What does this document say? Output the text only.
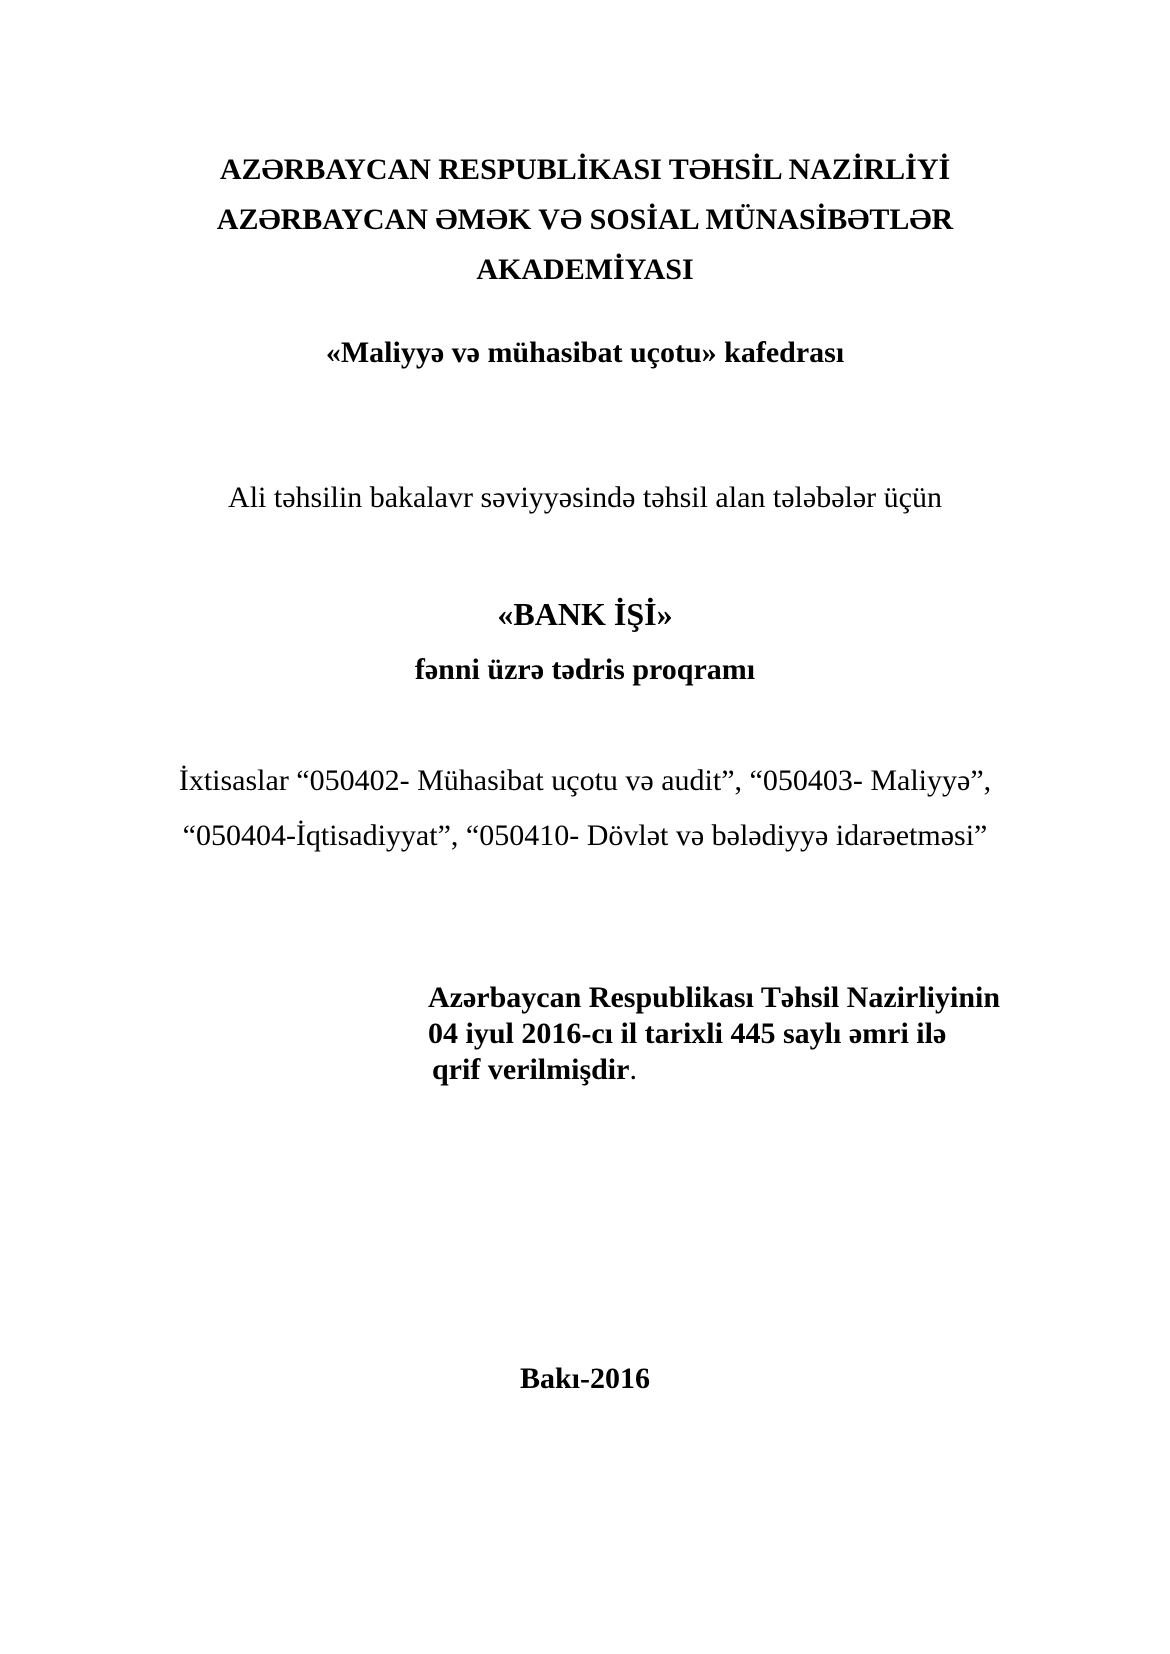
AZƏRBAYCAN RESPUBLİKASI TƏHSİL NAZİRLİYİ
AZƏRBAYCAN ƏMƏK VƏ SOSİAL MÜNASİBƏTLƏR
AKADEMİYASI
«Maliyyə və mühasibat uçotu» kafedrası
Ali təhsilin bakalavr səviyyəsində təhsil alan tələbələr üçün
«BANK İŞİ»
fənni üzrə tədris proqramı
İxtisaslar “050402- Mühasibat uçotu və audit”, “050403- Maliyyə”,
“050404-İqtisadiyyat”, “050410- Dövlət və bələdiyyə idarəetməsi”
Azərbaycan Respublikası Təhsil Nazirliyinin
04 iyul 2016-cı il tarixli 445 saylı əmri ilə
qrif verilmişdir.
Bakı-2016
